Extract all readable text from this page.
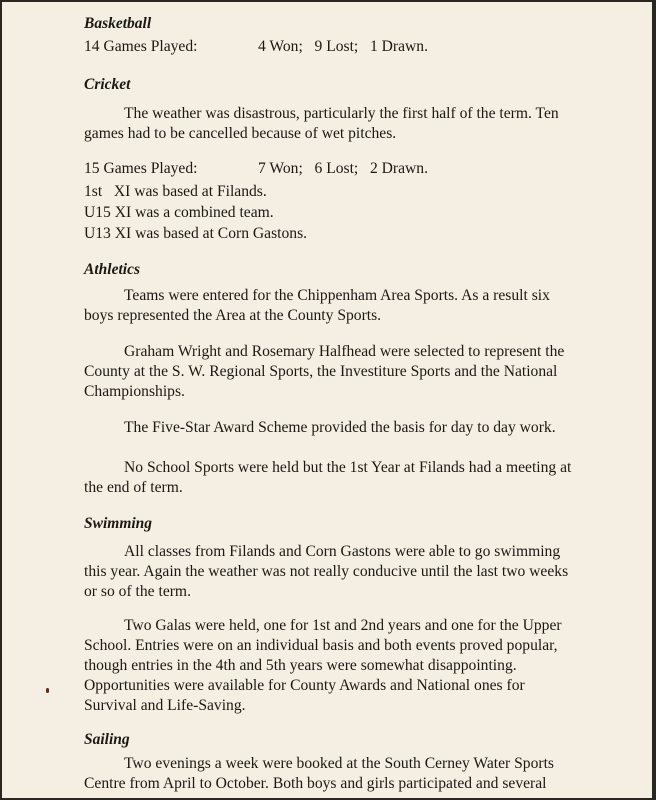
Basketball
14 Games Played:	4 Won;   9 Lost;   1 Drawn.
Cricket

The weather was disastrous, particularly the first half of the term. Ten games had to be cancelled because of wet pitches.

15 Games Played:	7 Won;   6 Lost;   2 Drawn.
1st   XI was based at Filands.
U15 XI was a combined team.
U13 XI was based at Corn Gastons.
Athletics

Teams were entered for the Chippenham Area Sports. As a result six boys represented the Area at the County Sports.

Graham Wright and Rosemary Halfhead were selected to represent the County at the S. W. Regional Sports, the Investiture Sports and the National Championships.

The Five-Star Award Scheme provided the basis for day to day work.

No School Sports were held but the 1st Year at Filands had a meeting at the end of term.

Swimming

All classes from Filands and Corn Gastons were able to go swimming this year. Again the weather was not really conducive until the last two weeks or so of the term.

Two Galas were held, one for 1st and 2nd years and one for the Upper School. Entries were on an individual basis and both events proved popular, though entries in the 4th and 5th years were somewhat disappointing. Opportunities were available for County Awards and National ones for Survival and Life-Saving.

Sailing

Two evenings a week were booked at the South Cerney Water Sports Centre from April to October. Both boys and girls participated and several
